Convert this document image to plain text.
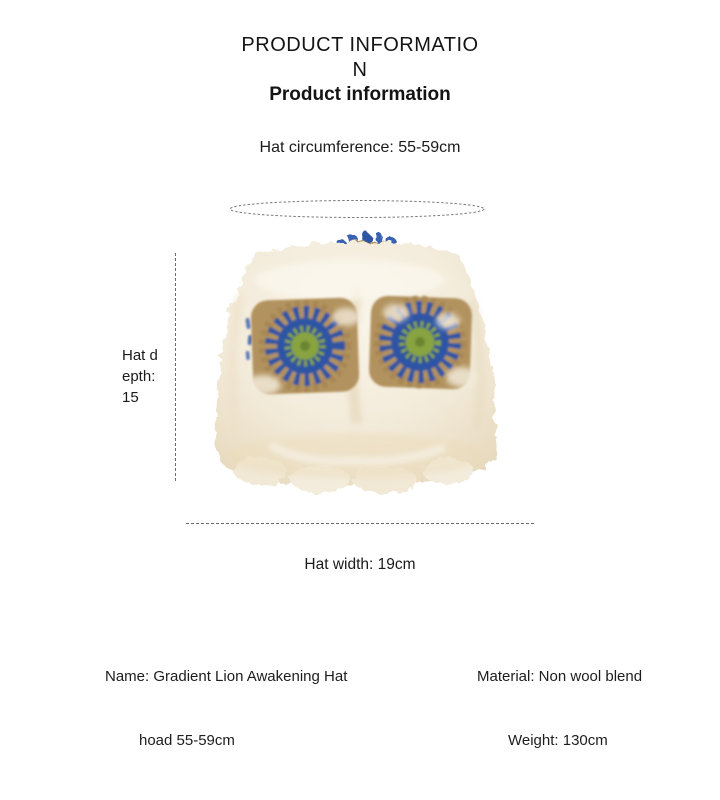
PRODUCT INFORMATIO
N
Product information
Hat circumference: 55-59cm
Hat d
epth:
15
Hat width: 19cm
Name: Gradient Lion Awakening Hat	Material: Non wool blend
hoad 55-59cm	Weight: 130cm
